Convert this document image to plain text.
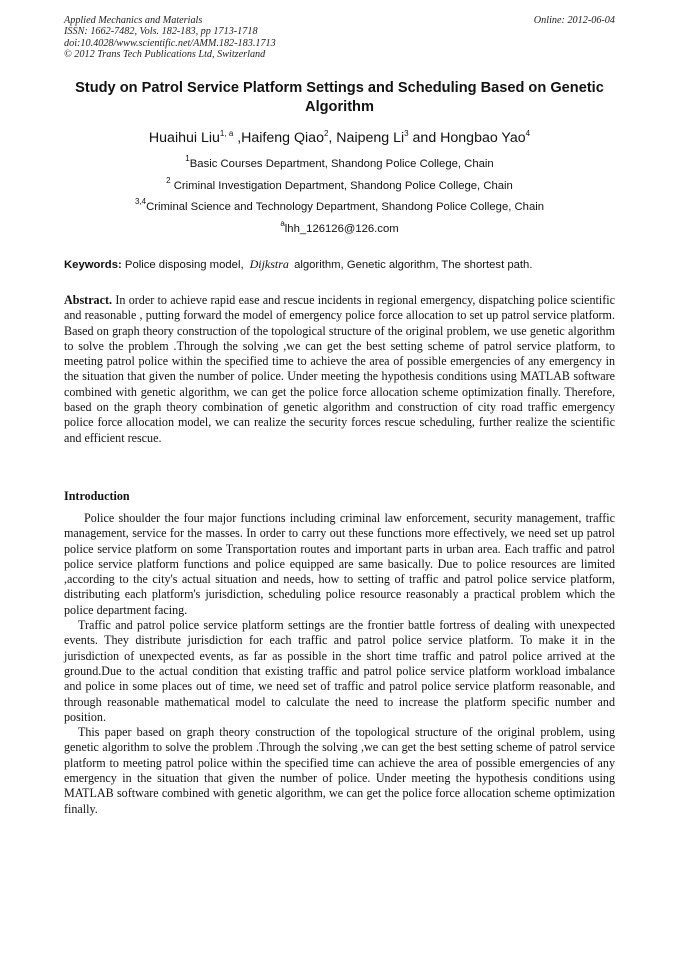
Applied Mechanics and Materials
ISSN: 1662-7482, Vols. 182-183, pp 1713-1718
doi:10.4028/www.scientific.net/AMM.182-183.1713
© 2012 Trans Tech Publications Ltd, Switzerland
Online: 2012-06-04
Study on Patrol Service Platform Settings and Scheduling Based on Genetic Algorithm
Huaihui Liu$^{1, a}$ ,Haifeng Qiao$^2$, Naipeng Li$^3$ and Hongbao Yao$^4$
$^1$Basic Courses Department, Shandong Police College, Chain
$^2$ Criminal Investigation Department, Shandong Police College, Chain
$^{3,4}$Criminal Science and Technology Department, Shandong Police College, Chain
$^a$lhh_126126@126.com
Keywords: Police disposing model, Dijkstra algorithm, Genetic algorithm, The shortest path.

Abstract. In order to achieve rapid ease and rescue incidents in regional emergency, dispatching police scientific and reasonable , putting forward the model of emergency police force allocation to set up patrol service platform. Based on graph theory construction of the topological structure of the original problem, we use genetic algorithm to solve the problem .Through the solving ,we can get the best setting scheme of patrol service platform, to meeting patrol police within the specified time to achieve the area of possible emergencies of any emergency in the situation that given the number of police. Under meeting the hypothesis conditions using MATLAB software combined with genetic algorithm, we can get the police force allocation scheme optimization finally. Therefore, based on the graph theory combination of genetic algorithm and construction of city road traffic emergency police force allocation model, we can realize the security forces rescue scheduling, further realize the scientific and efficient rescue.

Introduction

Police shoulder the four major functions including criminal law enforcement, security management, traffic management, service for the masses. In order to carry out these functions more effectively, we need set up patrol police service platform on some Transportation routes and important parts in urban area. Each traffic and patrol police service platform functions and police equipped are same basically. Due to police resources are limited ,according to the city's actual situation and needs, how to setting of traffic and patrol police service platform, distributing each platform's jurisdiction, scheduling police resource reasonably a practical problem which the police department facing.

Traffic and patrol police service platform settings are the frontier battle fortress of dealing with unexpected events. They distribute jurisdiction for each traffic and patrol police service platform. To make it in the jurisdiction of unexpected events, as far as possible in the short time traffic and patrol police arrived at the ground.Due to the actual condition that existing traffic and patrol police service platform workload imbalance and police in some places out of time, we need set of traffic and patrol police service platform reasonable, and through reasonable mathematical model to calculate the need to increase the platform specific number and position.

This paper based on graph theory construction of the topological structure of the original problem, using genetic algorithm to solve the problem .Through the solving ,we can get the best setting scheme of patrol service platform to meeting patrol police within the specified time can achieve the area of possible emergencies of any emergency in the situation that given the number of police. Under meeting the hypothesis conditions using MATLAB software combined with genetic algorithm, we can get the police force allocation scheme optimization finally.
